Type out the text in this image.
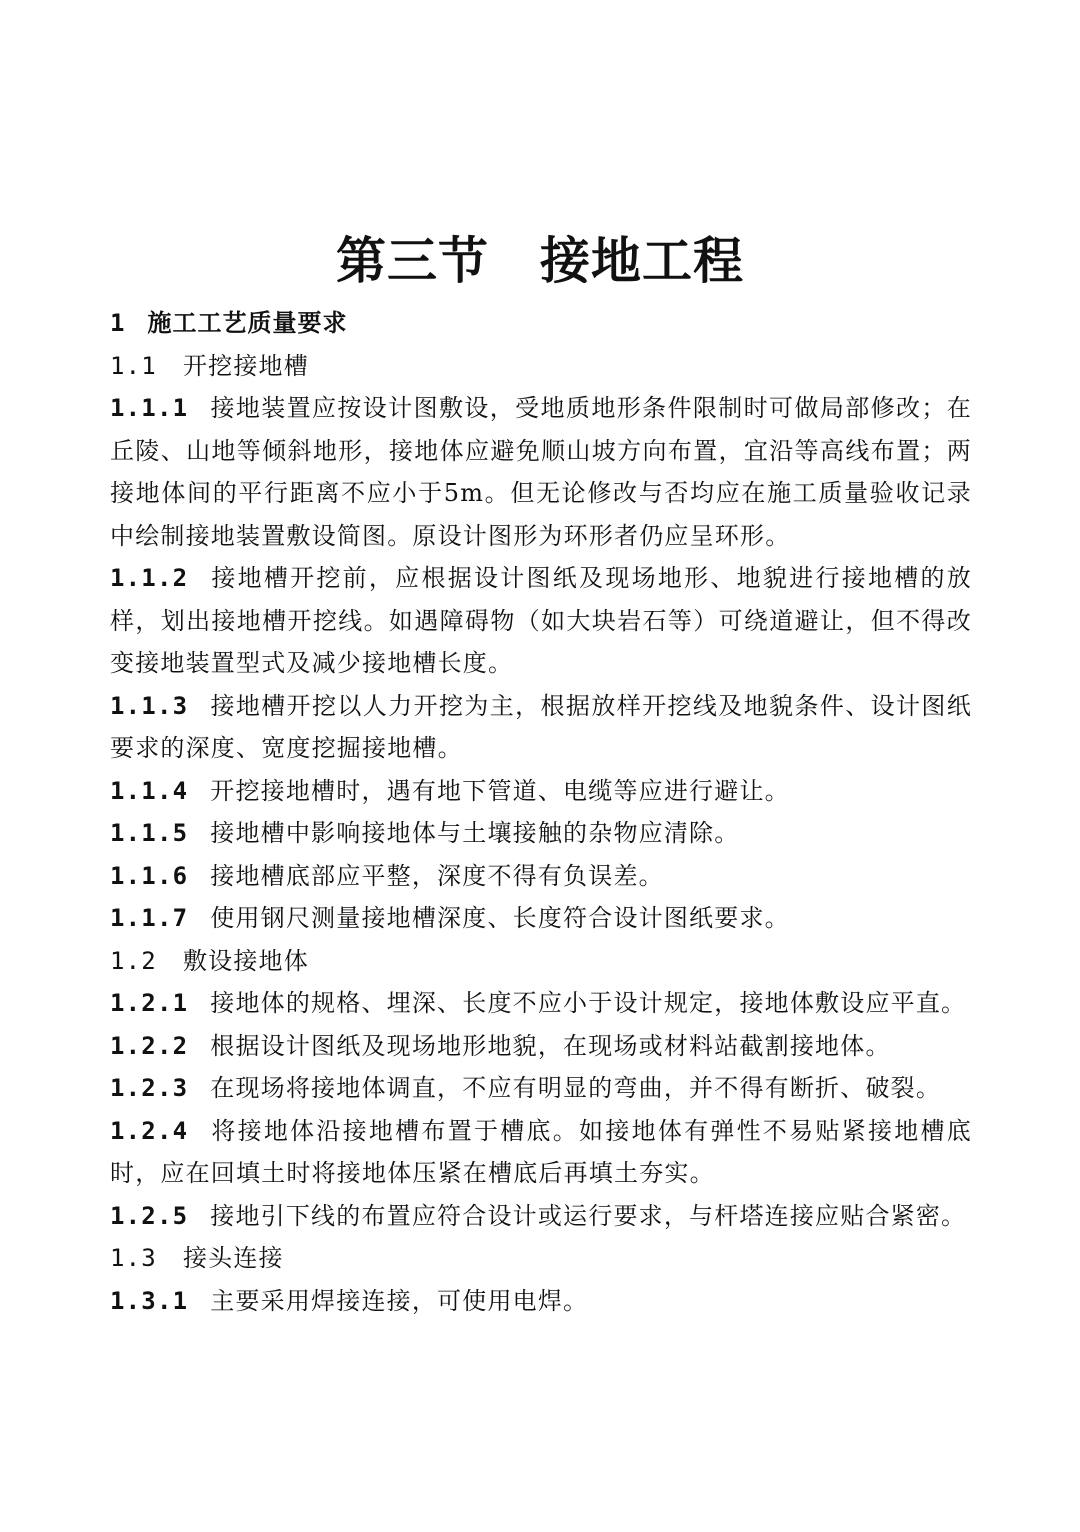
第三节　接地工程

1 施工工艺质量要求

1.1 开挖接地槽

1.1.1 接地装置应按设计图敷设，受地质地形条件限制时可做局部修改；在丘陵、山地等倾斜地形，接地体应避免顺山坡方向布置，宜沿等高线布置；两接地体间的平行距离不应小于5m。但无论修改与否均应在施工质量验收记录中绘制接地装置敷设简图。原设计图形为环形者仍应呈环形。

1.1.2 接地槽开挖前，应根据设计图纸及现场地形、地貌进行接地槽的放样，划出接地槽开挖线。如遇障碍物（如大块岩石等）可绕道避让，但不得改变接地装置型式及减少接地槽长度。

1.1.3 接地槽开挖以人力开挖为主，根据放样开挖线及地貌条件、设计图纸要求的深度、宽度挖掘接地槽。

1.1.4 开挖接地槽时，遇有地下管道、电缆等应进行避让。

1.1.5 接地槽中影响接地体与土壤接触的杂物应清除。

1.1.6 接地槽底部应平整，深度不得有负误差。

1.1.7 使用钢尺测量接地槽深度、长度符合设计图纸要求。

1.2 敷设接地体

1.2.1 接地体的规格、埋深、长度不应小于设计规定，接地体敷设应平直。

1.2.2 根据设计图纸及现场地形地貌，在现场或材料站截割接地体。

1.2.3 在现场将接地体调直，不应有明显的弯曲，并不得有断折、破裂。

1.2.4 将接地体沿接地槽布置于槽底。如接地体有弹性不易贴紧接地槽底时，应在回填土时将接地体压紧在槽底后再填土夯实。

1.2.5 接地引下线的布置应符合设计或运行要求，与杆塔连接应贴合紧密。

1.3 接头连接

1.3.1 主要采用焊接连接，可使用电焊。
